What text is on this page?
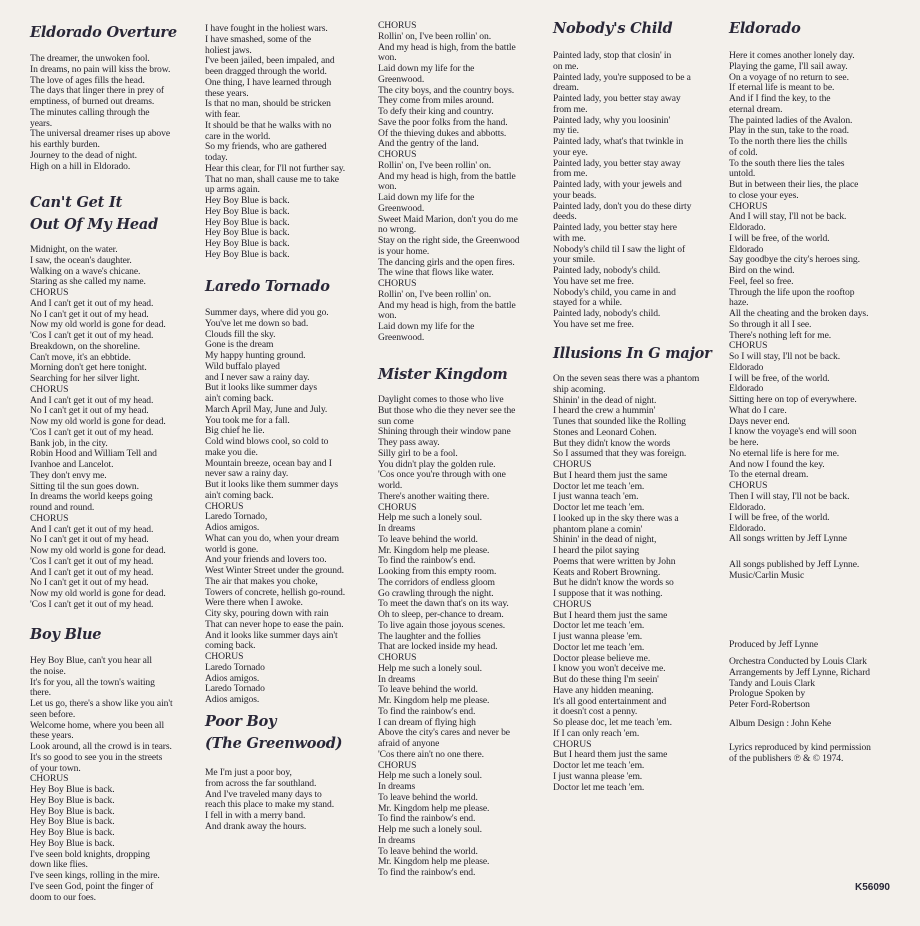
Eldorado Overture
The dreamer, the unwoken fool.
In dreams, no pain will kiss the brow.
The love of ages fills the head.
The days that linger there in prey of
emptiness, of burned out dreams.
The minutes calling through the
years.
The universal dreamer rises up above
his earthly burden.
Journey to the dead of night.
High on a hill in Eldorado.
Can't Get It
Out Of My Head
Midnight, on the water.
I saw, the ocean's daughter.
Walking on a wave's chicane.
Staring as she called my name.
CHORUS
And I can't get it out of my head.
No I can't get it out of my head.
Now my old world is gone for dead.
'Cos I can't get it out of my head.
Breakdown, on the shoreline.
Can't move, it's an ebbtide.
Morning don't get here tonight.
Searching for her silver light.
CHORUS
And I can't get it out of my head.
No I can't get it out of my head.
Now my old world is gone for dead.
'Cos I can't get it out of my head.
Bank job, in the city.
Robin Hood and William Tell and
Ivanhoe and Lancelot.
They don't envy me.
Sitting til the sun goes down.
In dreams the world keeps going
round and round.
CHORUS
And I can't get it out of my head.
No I can't get it out of my head.
Now my old world is gone for dead.
'Cos I can't get it out of my head.
And I can't get it out of my head.
No I can't get it out of my head.
Now my old world is gone for dead.
'Cos I can't get it out of my head.
Boy Blue
Hey Boy Blue, can't you hear all
the noise.
It's for you, all the town's waiting
there.
Let us go, there's a show like you ain't
seen before.
Welcome home, where you been all
these years.
Look around, all the crowd is in tears.
It's so good to see you in the streets
of your town.
CHORUS
Hey Boy Blue is back.
Hey Boy Blue is back.
Hey Boy Blue is back.
Hey Boy Blue is back.
Hey Boy Blue is back.
Hey Boy Blue is back.
I've seen bold knights, dropping
down like flies.
I've seen kings, rolling in the mire.
I've seen God, point the finger of
doom to our foes.
I have fought in the holiest wars.
I have smashed, some of the
holiest jaws.
I've been jailed, been impaled, and
been dragged through the world.
One thing, I have learned through
these years.
Is that no man, should be stricken
with fear.
It should be that he walks with no
care in the world.
So my friends, who are gathered
today.
Hear this clear, for I'll not further say.
That no man, shall cause me to take
up arms again.
Hey Boy Blue is back.
Hey Boy Blue is back.
Hey Boy Blue is back.
Hey Boy Blue is back.
Hey Boy Blue is back.
Hey Boy Blue is back.
Laredo Tornado
Summer days, where did you go.
You've let me down so bad.
Clouds fill the sky.
Gone is the dream
My happy hunting ground.
Wild buffalo played
and I never saw a rainy day.
But it looks like summer days
ain't coming back.
March April May, June and July.
You took me for a fall.
Big chief he lie.
Cold wind blows cool, so cold to
make you die.
Mountain breeze, ocean bay and I
never saw a rainy day.
But it looks like them summer days
ain't coming back.
CHORUS
Laredo Tornado,
Adios amigos.
What can you do, when your dream
world is gone.
And your friends and lovers too.
West Winter Street under the ground.
The air that makes you choke,
Towers of concrete, hellish go-round.
Were there when I awoke.
City sky, pouring down with rain
That can never hope to ease the pain.
And it looks like summer days ain't
coming back.
CHORUS
Laredo Tornado
Adios amigos.
Laredo Tornado
Adios amigos.
Poor Boy
(The Greenwood)
Me I'm just a poor boy,
from across the far southland.
And I've traveled many days to
reach this place to make my stand.
I fell in with a merry band.
And drank away the hours.
CHORUS
Rollin' on, I've been rollin' on.
And my head is high, from the battle
won.
Laid down my life for the
Greenwood.
The city boys, and the country boys.
They come from miles around.
To defy their king and country.
Save the poor folks from the hand.
Of the thieving dukes and abbotts.
And the gentry of the land.
CHORUS
Rollin' on, I've been rollin' on.
And my head is high, from the battle
won.
Laid down my life for the
Greenwood.
Sweet Maid Marion, don't you do me
no wrong.
Stay on the right side, the Greenwood
is your home.
The dancing girls and the open fires.
The wine that flows like water.
CHORUS
Rollin' on, I've been rollin' on.
And my head is high, from the battle
won.
Laid down my life for the
Greenwood.
Mister Kingdom
Daylight comes to those who live
But those who die they never see the
sun come
Shining through their window pane
They pass away.
Silly girl to be a fool.
You didn't play the golden rule.
'Cos once you're through with one
world.
There's another waiting there.
CHORUS
Help me such a lonely soul.
In dreams
To leave behind the world.
Mr. Kingdom help me please.
To find the rainbow's end.
Looking from this empty room.
The corridors of endless gloom
Go crawling through the night.
To meet the dawn that's on its way.
Oh to sleep, per-chance to dream.
To live again those joyous scenes.
The laughter and the follies
That are locked inside my head.
CHORUS
Help me such a lonely soul.
In dreams
To leave behind the world.
Mr. Kingdom help me please.
To find the rainbow's end.
I can dream of flying high
Above the city's cares and never be
afraid of anyone
'Cos there ain't no one there.
CHORUS
Help me such a lonely soul.
In dreams
To leave behind the world.
Mr. Kingdom help me please.
To find the rainbow's end.
Help me such a lonely soul.
In dreams
To leave behind the world.
Mr. Kingdom help me please.
To find the rainbow's end.
Nobody's Child
Painted lady, stop that closin' in
on me.
Painted lady, you're supposed to be a
dream.
Painted lady, you better stay away
from me.
Painted lady, why you loosinin'
my tie.
Painted lady, what's that twinkle in
your eye.
Painted lady, you better stay away
from me.
Painted lady, with your jewels and
your beads.
Painted lady, don't you do these dirty
deeds.
Painted lady, you better stay here
with me.
Nobody's child til I saw the light of
your smile.
Painted lady, nobody's child.
You have set me free.
Nobody's child, you came in and
stayed for a while.
Painted lady, nobody's child.
You have set me free.
Illusions In G major
On the seven seas there was a phantom
ship acoming.
Shinin' in the dead of night.
I heard the crew a hummin'
Tunes that sounded like the Rolling
Stones and Leonard Cohen.
But they didn't know the words
So I assumed that they was foreign.
CHORUS
But I heard them just the same
Doctor let me teach 'em.
I just wanna teach 'em.
Doctor let me teach 'em.
I looked up in the sky there was a
phantom plane a comin'
Shinin' in the dead of night,
I heard the pilot saying
Poems that were written by John
Keats and Robert Browning.
But he didn't know the words so
I suppose that it was nothing.
CHORUS
But I heard them just the same
Doctor let me teach 'em.
I just wanna please 'em.
Doctor let me teach 'em.
Doctor please believe me.
I know you won't deceive me.
But do these thing I'm seein'
Have any hidden meaning.
It's all good entertainment and
it doesn't cost a penny.
So please doc, let me teach 'em.
If I can only reach 'em.
CHORUS
But I heard them just the same
Doctor let me teach 'em.
I just wanna please 'em.
Doctor let me teach 'em.
Eldorado
Here it comes another lonely day.
Playing the game, I'll sail away.
On a voyage of no return to see.
If eternal life is meant to be.
And if I find the key, to the
eternal dream.
The painted ladies of the Avalon.
Play in the sun, take to the road.
To the north there lies the chills
of cold.
To the south there lies the tales
untold.
But in between their lies, the place
to close your eyes.
CHORUS
And I will stay, I'll not be back.
Eldorado.
I will be free, of the world.
Eldorado
Say goodbye the city's heroes sing.
Bird on the wind.
Feel, feel so free.
Through the life upon the rooftop
haze.
All the cheating and the broken days.
So through it all I see.
There's nothing left for me.
CHORUS
So I will stay, I'll not be back.
Eldorado
I will be free, of the world.
Eldorado
Sitting here on top of everywhere.
What do I care.
Days never end.
I know the voyage's end will soon
be here.
No eternal life is here for me.
And now I found the key.
To the eternal dream.
CHORUS
Then I will stay, I'll not be back.
Eldorado.
I will be free, of the world.
Eldorado.
All songs written by Jeff Lynne
All songs published by Jeff Lynne.
Music/Carlin Music
Produced by Jeff Lynne
Orchestra Conducted by Louis Clark
Arrangements by Jeff Lynne, Richard
Tandy and Louis Clark
Prologue Spoken by
Peter Ford-Robertson
Album Design : John Kehe
Lyrics reproduced by kind permission
of the publishers ℗ & © 1974.
K56090
